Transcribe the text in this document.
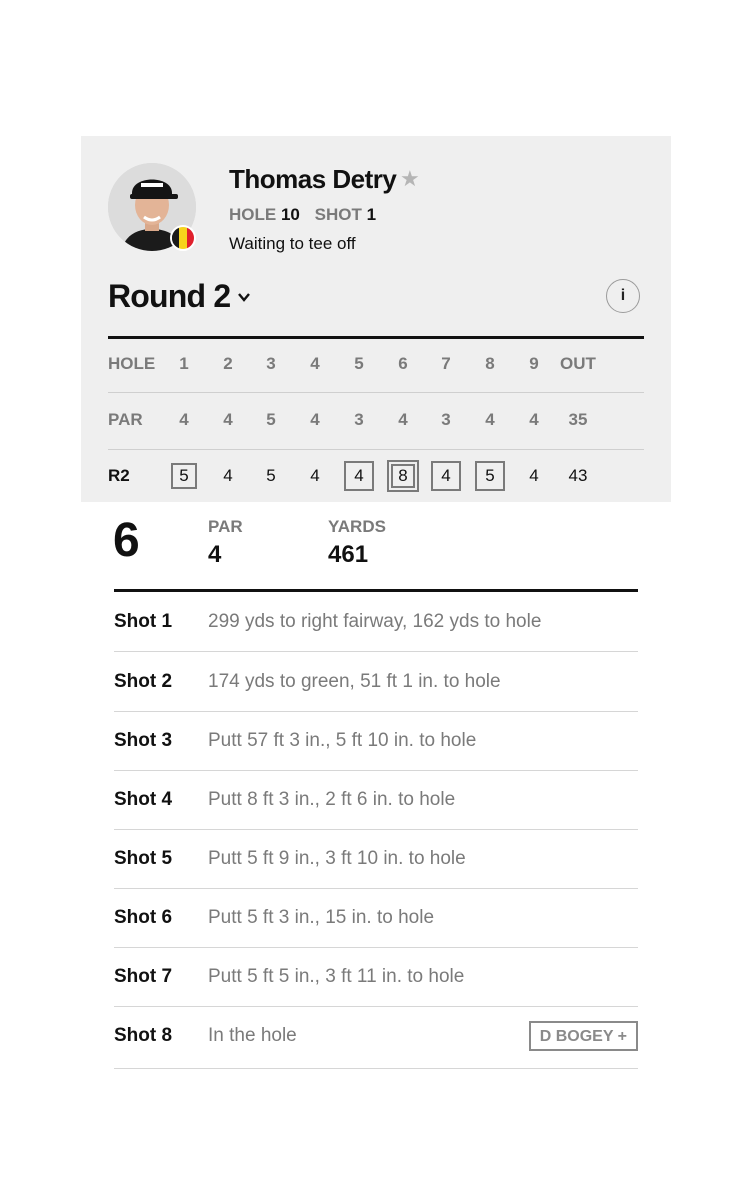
Thomas Detry ★
HOLE 10 SHOT 1
Waiting to tee off
Round 2	i
HOLE	1	2	3	4	5	6	7	8	9	OUT
PAR	4	4	5	4	3	4	3	4	4	35
R2	5	4	5	4	4	8	4	5	4	43
6	PAR
4
YARDS
461
Shot 1 299 yds to right fairway, 162 yds to hole
Shot 2 174 yds to green, 51 ft 1 in. to hole
Shot 3 Putt 57 ft 3 in., 5 ft 10 in. to hole
Shot 4 Putt 8 ft 3 in., 2 ft 6 in. to hole
Shot 5 Putt 5 ft 9 in., 3 ft 10 in. to hole
Shot 6 Putt 5 ft 3 in., 15 in. to hole
Shot 7 Putt 5 ft 5 in., 3 ft 11 in. to hole
Shot 8 In the hole	D BOGEY +
